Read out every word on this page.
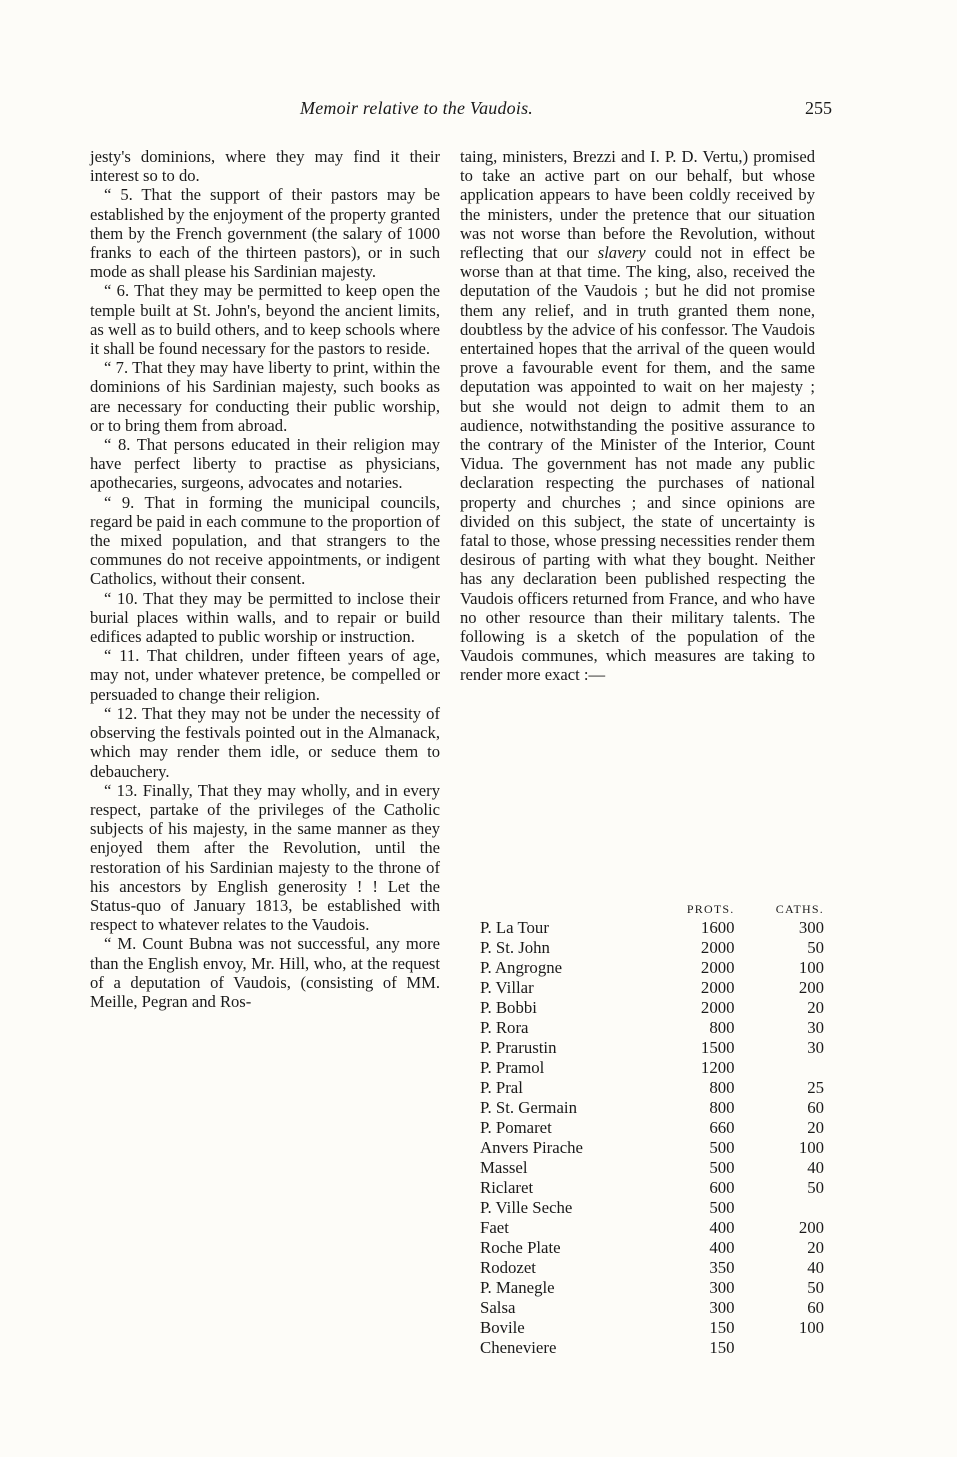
Memoir relative to the Vaudois.	255

jesty's dominions, where they may find it their interest so to do.

“ 5. That the support of their pastors may be established by the enjoyment of the property granted them by the French government (the salary of 1000 franks to each of the thirteen pastors), or in such mode as shall please his Sardinian majesty.

“ 6. That they may be permitted to keep open the temple built at St. John's, beyond the ancient limits, as well as to build others, and to keep schools where it shall be found necessary for the pastors to reside.

“ 7. That they may have liberty to print, within the dominions of his Sardinian majesty, such books as are necessary for conducting their public worship, or to bring them from abroad.

“ 8. That persons educated in their religion may have perfect liberty to practise as physicians, apothecaries, surgeons, advocates and notaries.

“ 9. That in forming the municipal councils, regard be paid in each commune to the proportion of the mixed population, and that strangers to the communes do not receive appointments, or indigent Catholics, without their consent.

“ 10. That they may be permitted to inclose their burial places within walls, and to repair or build edifices adapted to public worship or instruction.

“ 11. That children, under fifteen years of age, may not, under whatever pretence, be compelled or persuaded to change their religion.

“ 12. That they may not be under the necessity of observing the festivals pointed out in the Almanack, which may render them idle, or seduce them to debauchery.

“ 13. Finally, That they may wholly, and in every respect, partake of the privileges of the Catholic subjects of his majesty, in the same manner as they enjoyed them after the Revolution, until the restoration of his Sardinian majesty to the throne of his ancestors by English generosity ! ! Let the Status-quo of January 1813, be established with respect to whatever relates to the Vaudois.

“ M. Count Bubna was not successful, any more than the English envoy, Mr. Hill, who, at the request of a deputation of Vaudois, (consisting of MM. Meille, Pegran and Ros-

taing, ministers, Brezzi and I. P. D. Vertu,) promised to take an active part on our behalf, but whose application appears to have been coldly received by the ministers, under the pretence that our situation was not worse than before the Revolution, without reflecting that our slavery could not in effect be worse than at that time. The king, also, received the deputation of the Vaudois ; but he did not promise them any relief, and in truth granted them none, doubtless by the advice of his confessor. The Vaudois entertained hopes that the arrival of the queen would prove a favourable event for them, and the same deputation was appointed to wait on her majesty ; but she would not deign to admit them to an audience, notwithstanding the positive assurance to the contrary of the Minister of the Interior, Count Vidua. The government has not made any public declaration respecting the purchases of national property and churches ; and since opinions are divided on this subject, the state of uncertainty is fatal to those, whose pressing necessities render them desirous of parting with what they bought. Neither has any declaration been published respecting the Vaudois officers returned from France, and who have no other resource than their military talents. The following is a sketch of the population of the Vaudois communes, which measures are taking to render more exact :—

	PROTS.		CATHS.
P. La Tour	1600		300
P. St. John	2000		50
P. Angrogne	2000		100
P. Villar	2000		200
P. Bobbi	2000		20
P. Rora	800		30
P. Prarustin	1500		30
P. Pramol	1200		
P. Pral	800		25
P. St. Germain	800		60
P. Pomaret	660		20
Anvers Pirache	500		100
Massel	500		40
Riclaret	600		50
P. Ville Seche	500		
Faet	400		200
Roche Plate	400		20
Rodozet	350		40
P. Manegle	300		50
Salsa	300		60
Bovile	150		100
Cheneviere	150		
